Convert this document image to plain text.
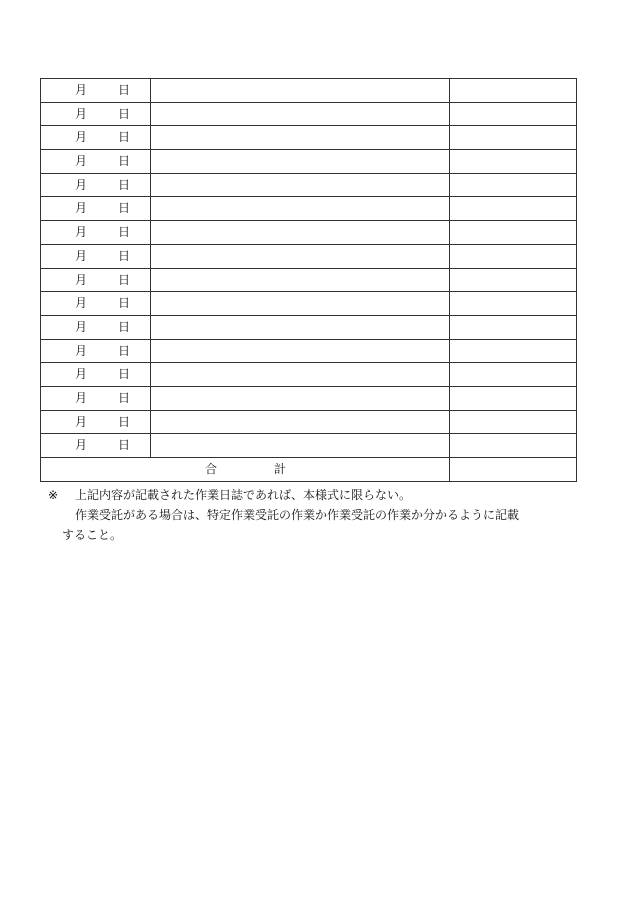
月 日		

月 日		

月 日		

月 日		

月 日		

月 日		

月 日		

月 日		

月 日		

月 日		

月 日		

月 日		

月 日		

月 日		

月 日		

月 日		

合 計		

※ 上記内容が記載された作業日誌であれば、本様式に限らない。
作業受託がある場合は、特定作業受託の作業か作業受託の作業か分かるように記載
すること。
